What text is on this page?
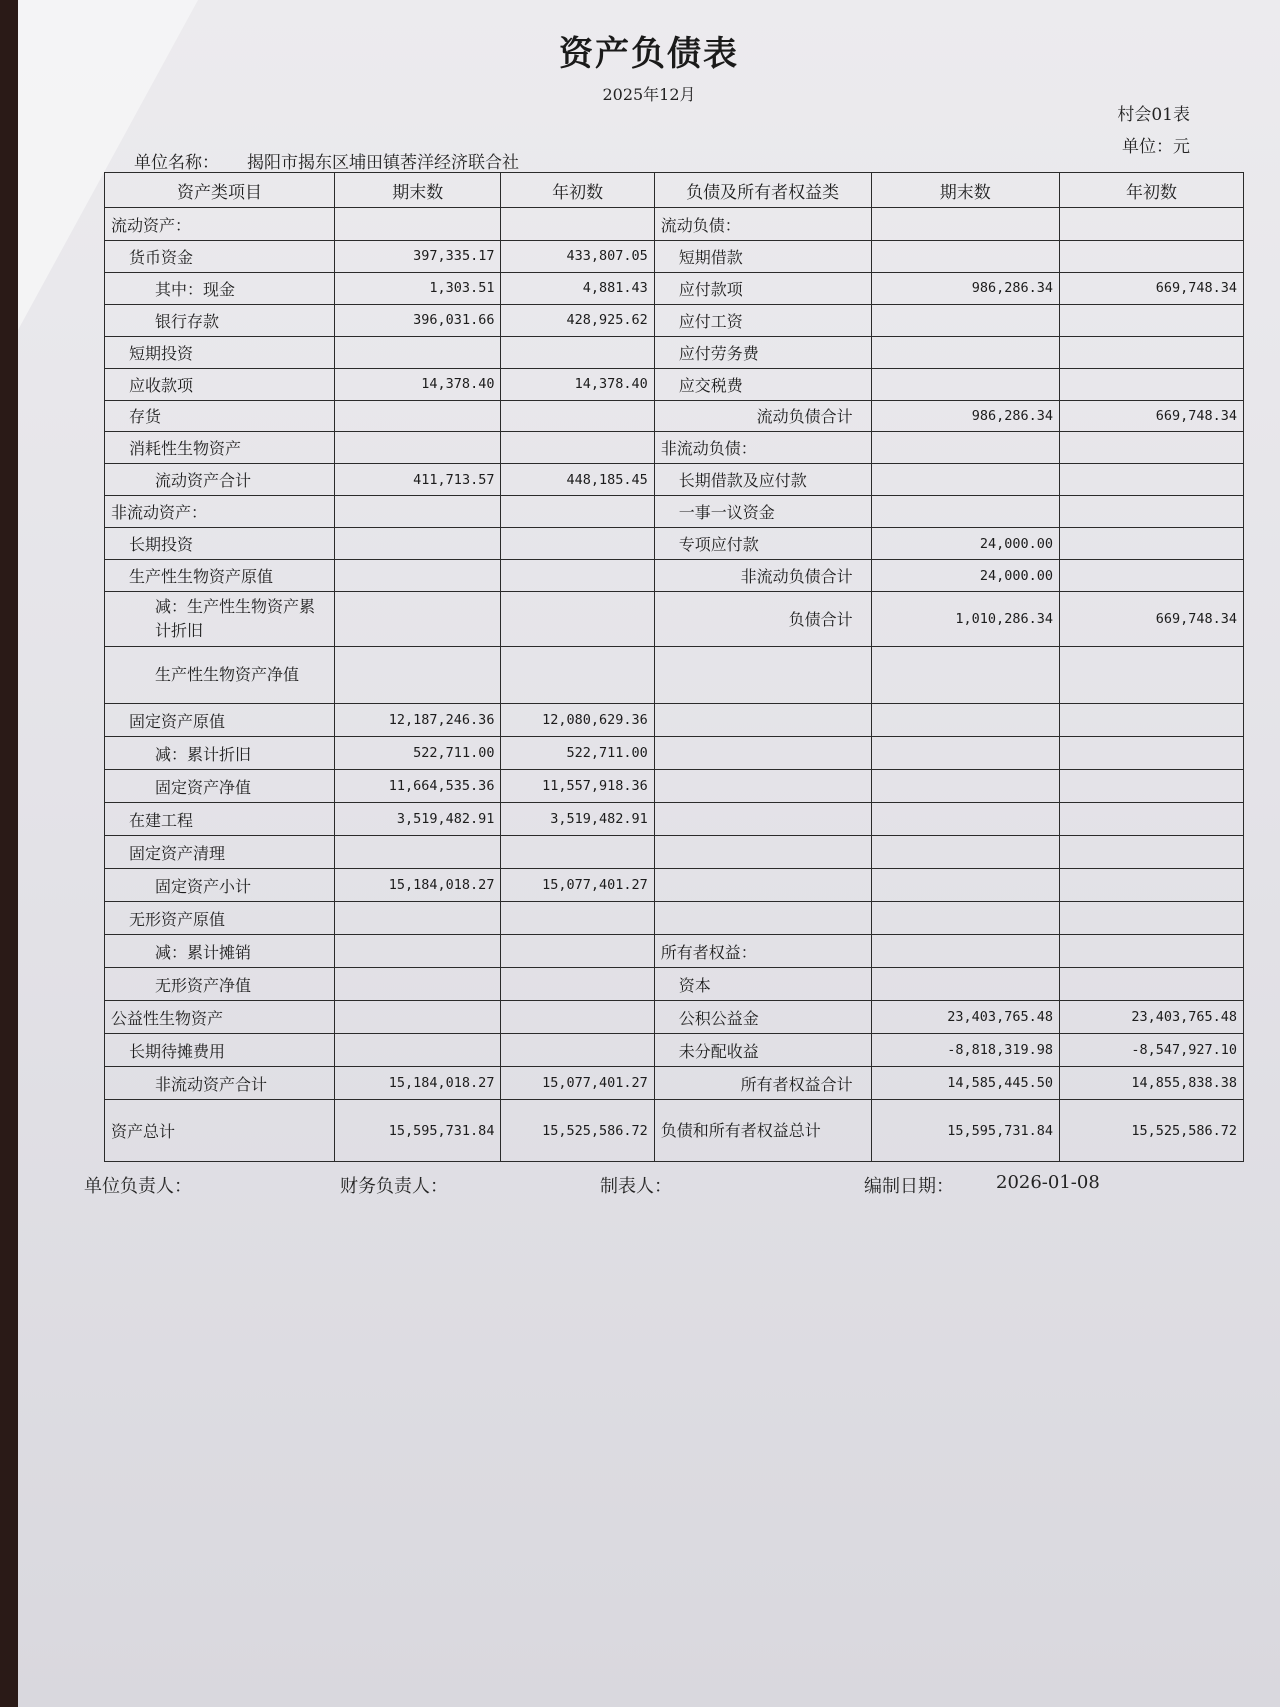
资产负债表
2025年12月
村会01表
单位：元
单位名称： 揭阳市揭东区埔田镇莕洋经济联合社
资产类项目	期末数	年初数	负债及所有者权益类	期末数	年初数
流动资产：			流动负债：		
货币资金	397,335.17	433,807.05	短期借款		
其中：现金	1,303.51	4,881.43	应付款项	986,286.34	669,748.34
银行存款	396,031.66	428,925.62	应付工资		
短期投资			应付劳务费		
应收款项	14,378.40	14,378.40	应交税费		
存货			流动负债合计	986,286.34	669,748.34
消耗性生物资产			非流动负债：		
流动资产合计	411,713.57	448,185.45	长期借款及应付款		
非流动资产：			一事一议资金		
长期投资			专项应付款	24,000.00	
生产性生物资产原值			非流动负债合计	24,000.00	
减：生产性生物资产累计折旧			负债合计	1,010,286.34	669,748.34
生产性生物资产净值					
固定资产原值	12,187,246.36	12,080,629.36			
减：累计折旧	522,711.00	522,711.00			
固定资产净值	11,664,535.36	11,557,918.36			
在建工程	3,519,482.91	3,519,482.91			
固定资产清理					
固定资产小计	15,184,018.27	15,077,401.27			
无形资产原值					
减：累计摊销			所有者权益：		
无形资产净值			资本		
公益性生物资产			公积公益金	23,403,765.48	23,403,765.48
长期待摊费用			未分配收益	-8,818,319.98	-8,547,927.10
非流动资产合计	15,184,018.27	15,077,401.27	所有者权益合计	14,585,445.50	14,855,838.38
资产总计	15,595,731.84	15,525,586.72	负债和所有者权益总计	15,595,731.84	15,525,586.72
单位负责人：	财务负责人：	制表人：	编制日期： 2026-01-08
